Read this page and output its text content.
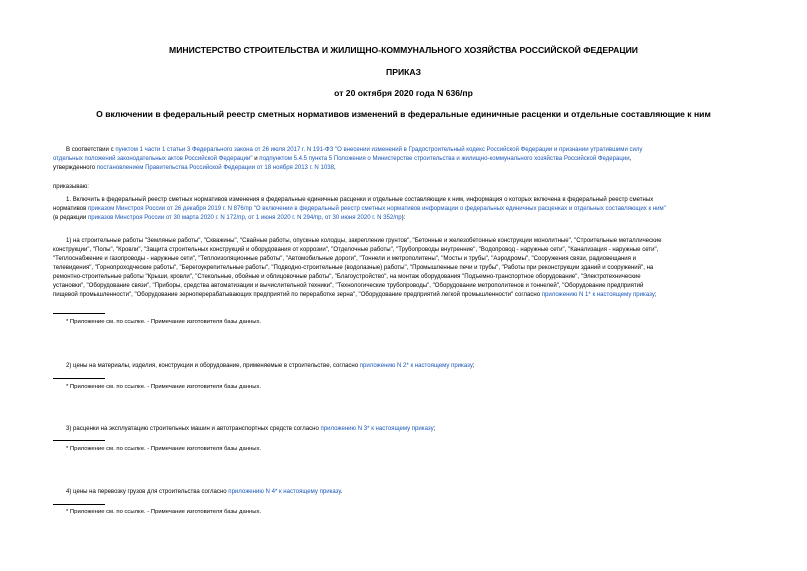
МИНИСТЕРСТВО СТРОИТЕЛЬСТВА И ЖИЛИЩНО-КОММУНАЛЬНОГО ХОЗЯЙСТВА РОССИЙСКОЙ ФЕДЕРАЦИИ
ПРИКАЗ
от 20 октября 2020 года N 636/пр
О включении в федеральный реестр сметных нормативов изменений в федеральные единичные расценки и отдельные составляющие к ним
В соответствии с пунктом 1 части 1 статьи 3 Федерального закона от 26 июля 2017 г. N 191-ФЗ "О внесении изменений в Градостроительный кодекс Российской Федерации и признании утратившими силу
отдельных положений законодательных актов Российской Федерации" и подпунктом 5.4.5 пункта 5 Положения о Министерстве строительства и жилищно-коммунального хозяйства Российской Федерации,
утвержденного постановлением Правительства Российской Федерации от 18 ноября 2013 г. N 1038,
приказываю:
1. Включить в федеральный реестр сметных нормативов изменения в федеральные единичные расценки и отдельные составляющие к ним, информация о которых включена в федеральный реестр сметных
нормативов приказом Минстроя России от 26 декабря 2019 г. N 876/пр "О включении в федеральный реестр сметных нормативов информации о федеральных единичных расценках и отдельных составляющих к ним"
(в редакции приказов Минстроя России от 30 марта 2020 г. N 172/пр, от 1 июня 2020 г. N 294/пр, от 30 июня 2020 г. N 352/пр):
1) на строительные работы "Земляные работы", "Скважины", "Свайные работы, опускные колодцы, закрепление грунтов", "Бетонные и железобетонные конструкции монолитные", "Строительные металлические
конструкции", "Полы", "Кровли", "Защита строительных конструкций и оборудования от коррозии", "Отделочные работы", "Трубопроводы внутренние", "Водопровод - наружные сети", "Канализация - наружные сети",
"Теплоснабжение и газопроводы - наружные сети", "Теплоизоляционные работы", "Автомобильные дороги", "Тоннели и метрополитены", "Мосты и трубы", "Аэродромы", "Сооружения связи, радиовещания и
телевидения", "Горнопроходческие работы", "Берегоукрепительные работы", "Подводно-строительные (водолазные) работы", "Промышленные печи и трубы", "Работы при реконструкции зданий и сооружений", на
ремонтно-строительные работы "Крыши, кровли", "Стекольные, обойные и облицовочные работы", "Благоустройство", на монтаж оборудования "Подъемно-транспортное оборудование", "Электротехнические
установки", "Оборудование связи", "Приборы, средства автоматизации и вычислительной техники", "Технологические трубопроводы", "Оборудование метрополитенов и тоннелей", "Оборудование предприятий
пищевой промышленности", "Оборудование зерноперерабатывающих предприятий по переработке зерна", "Оборудование предприятий легкой промышленности" согласно приложению N 1* к настоящему приказу;
* Приложение см. по ссылке. - Примечание изготовителя базы данных.
2) цены на материалы, изделия, конструкции и оборудование, применяемые в строительстве, согласно приложению N 2* к настоящему приказу;
* Приложение см. по ссылке. - Примечание изготовителя базы данных.
3) расценки на эксплуатацию строительных машин и автотранспортных средств согласно приложению N 3* к настоящему приказу;
* Приложение см. по ссылке. - Примечание изготовителя базы данных.
4) цены на перевозку грузов для строительства согласно приложению N 4* к настоящему приказу.
* Приложение см. по ссылке. - Примечание изготовителя базы данных.
